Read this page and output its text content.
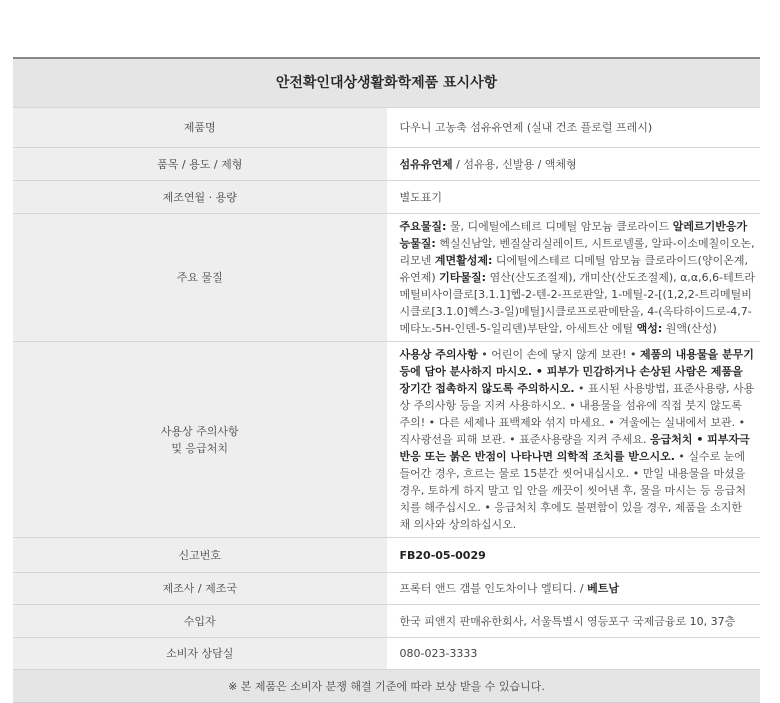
안전확인대상생활화학제품 표시사항	
제품명	다우니 고농축 섬유유연제 (실내 건조 플로럴 프레시)
품목 / 용도 / 제형	섬유유연제 / 섬유용, 신발용 / 액체형
제조연월 · 용량	별도표기
주요 물질	주요물질: 물, 디에틸에스테르 디메틸 암모늄 클로라이드 알레르기반응가능물질: 헥실신남알, 벤질살리실레이트, 시트로넬롤, 알파-이소메칠이오논, 리모넨 계면활성제: 디에틸에스테르 디메틸 암모늄 클로라이드(양이온계, 유연제) 기타물질: 염산(산도조절제), 개미산(산도조절제), α,α,6,6-테트라메틸비사이클로[3.1.1]헵-2-텐-2-프로판알, 1-메틸-2-[(1,2,2-트리메틸비시클로[3.1.0]헥스-3-일)메틸]시클로프로판메탄올, 4-(옥타하이드로-4,7-메타노-5H-인덴-5-일리덴)부탄알, 아세트산 에틸 액성: 원액(산성)
사용상 주의사항
및 응급처치	사용상 주의사항 • 어린이 손에 닿지 않게 보관! • 제품의 내용물을 분무기 등에 담아 분사하지 마시오. • 피부가 민감하거나 손상된 사람은 제품을 장기간 접촉하지 않도록 주의하시오. • 표시된 사용방법, 표준사용량, 사용상 주의사항 등을 지켜 사용하시오. • 내용물을 섬유에 직접 붓지 않도록 주의! • 다른 세제나 표백제와 섞지 마세요. • 겨울에는 실내에서 보관. • 직사광선을 피해 보관. • 표준사용량을 지켜 주세요. 응급처치 • 피부자극 반응 또는 붉은 반점이 나타나면 의학적 조치를 받으시오. • 실수로 눈에 들어간 경우, 흐르는 물로 15분간 씻어내십시오. • 만일 내용물을 마셨을 경우, 토하게 하지 말고 입 안을 깨끗이 씻어낸 후, 물을 마시는 등 응급처치를 해주십시오. • 응급처치 후에도 불편함이 있을 경우, 제품을 소지한 채 의사와 상의하십시오.
신고번호	FB20-05-0029
제조사 / 제조국	프록터 앤드 갬블 인도차이나 엘티디. / 베트남
수입자	한국 피앤지 판매유한회사, 서울특별시 영등포구 국제금융로 10, 37층
소비자 상담실	080-023-3333
※ 본 제품은 소비자 분쟁 해결 기준에 따라 보상 받을 수 있습니다.	
